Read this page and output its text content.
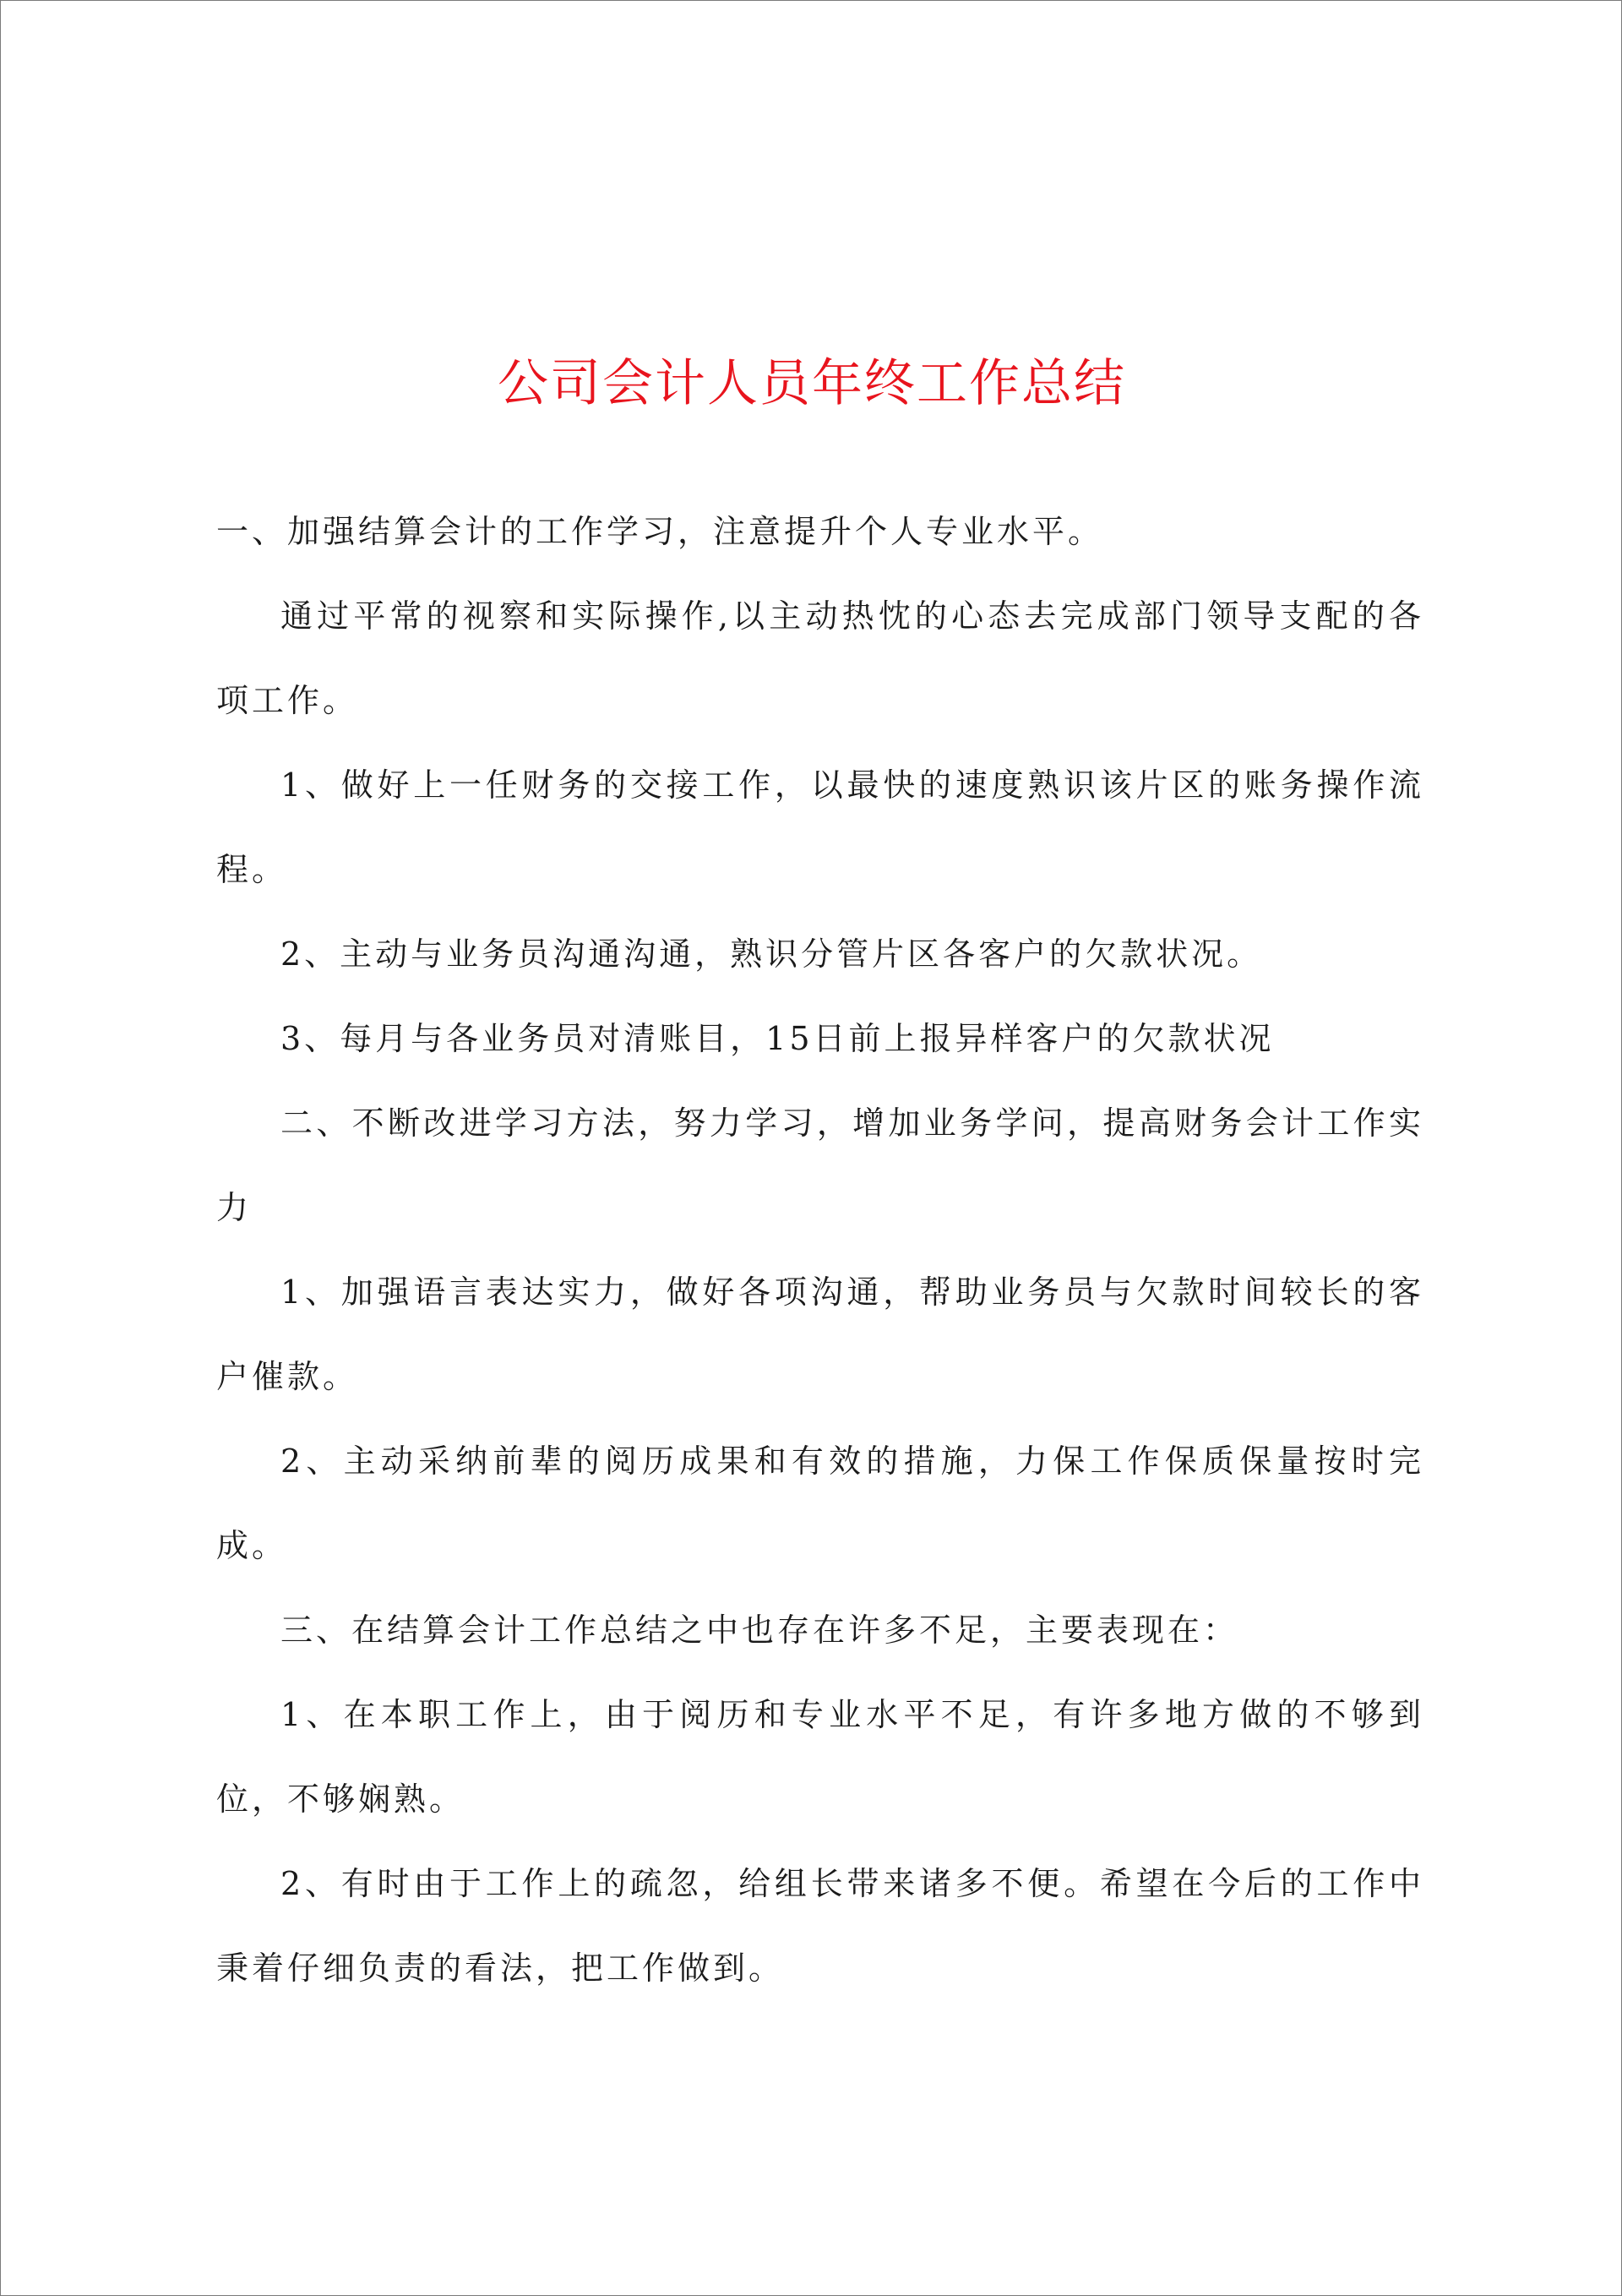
公司会计人员年终工作总结

一、加强结算会计的工作学习，注意提升个人专业水平。

通过平常的视察和实际操作,以主动热忱的心态去完成部门领导支配的各项工作。

1、做好上一任财务的交接工作，以最快的速度熟识该片区的账务操作流程。

2、主动与业务员沟通沟通，熟识分管片区各客户的欠款状况。

3、每月与各业务员对清账目，15日前上报异样客户的欠款状况

二、不断改进学习方法，努力学习，增加业务学问，提高财务会计工作实力

1、加强语言表达实力，做好各项沟通，帮助业务员与欠款时间较长的客户催款。

2、主动采纳前辈的阅历成果和有效的措施，力保工作保质保量按时完成。

三、在结算会计工作总结之中也存在许多不足，主要表现在：

1、在本职工作上，由于阅历和专业水平不足，有许多地方做的不够到位，不够娴熟。

2、有时由于工作上的疏忽，给组长带来诸多不便。希望在今后的工作中秉着仔细负责的看法，把工作做到。
